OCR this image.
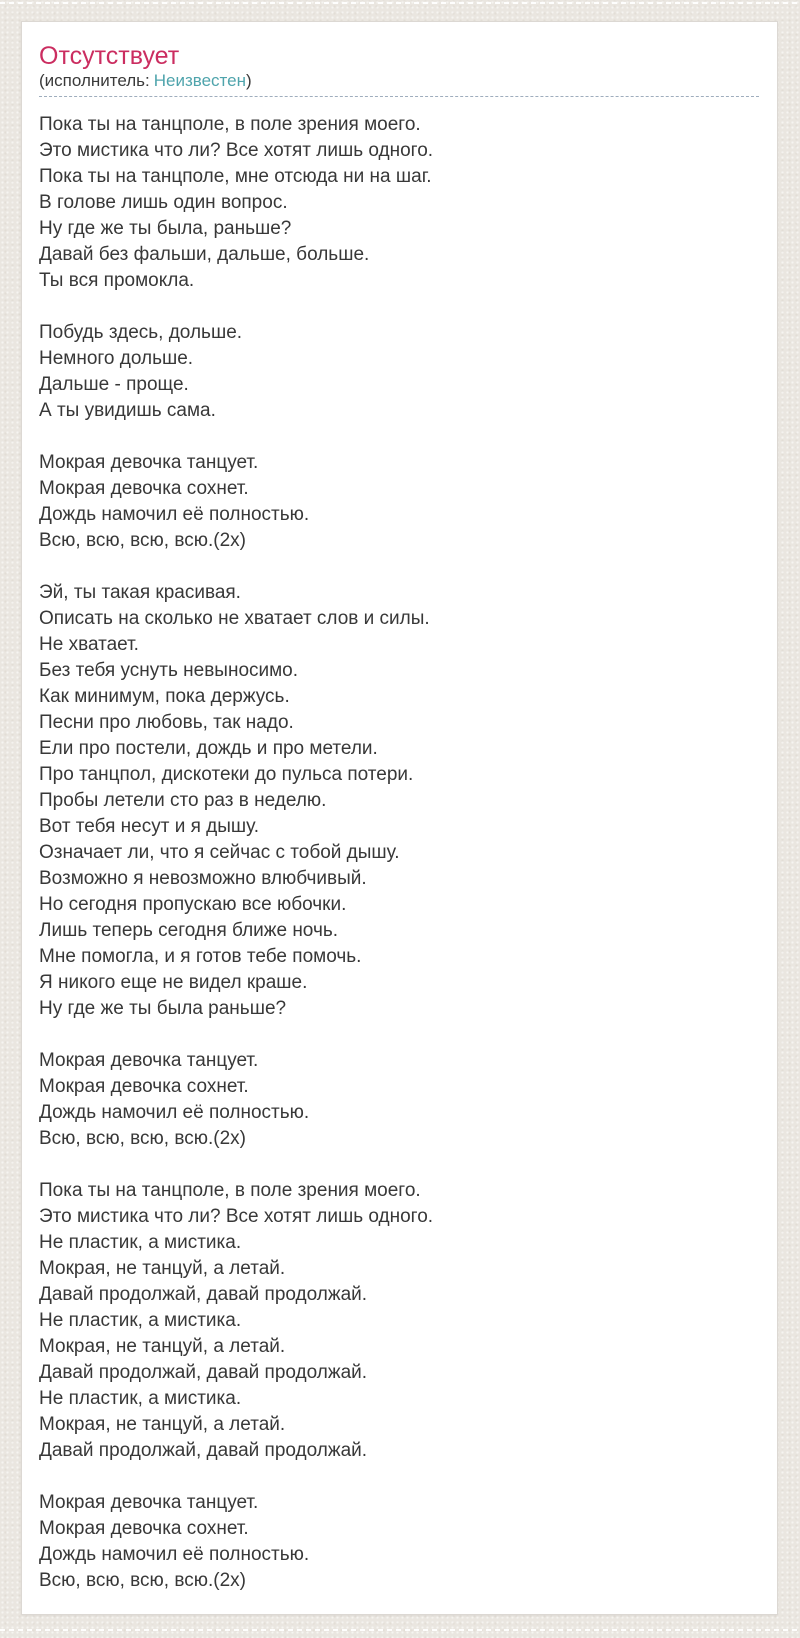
Отсутствует
(исполнитель: Неизвестен)
Пока ты на танцполе, в поле зрения моего.
Это мистика что ли? Все хотят лишь одного.
Пока ты на танцполе, мне отсюда ни на шаг.
В голове лишь один вопрос.
Ну где же ты была, раньше?
Давай без фальши, дальше, больше.
Ты вся промокла.
Побудь здесь, дольше.
Немного дольше.
Дальше - проще.
А ты увидишь сама.
Мокрая девочка танцует.
Мокрая девочка сохнет.
Дождь намочил её полностью.
Всю, всю, всю, всю.(2х)
Эй, ты такая красивая.
Описать на сколько не хватает слов и силы.
Не хватает.
Без тебя уснуть невыносимо.
Как минимум, пока держусь.
Песни про любовь, так надо.
Ели про постели, дождь и про метели.
Про танцпол, дискотеки до пульса потери.
Пробы летели сто раз в неделю.
Вот тебя несут и я дышу.
Означает ли, что я сейчас с тобой дышу.
Возможно я невозможно влюбчивый.
Но сегодня пропускаю все юбочки.
Лишь теперь сегодня ближе ночь.
Мне помогла, и я готов тебе помочь.
Я никого еще не видел краше.
Ну где же ты была раньше?
Мокрая девочка танцует.
Мокрая девочка сохнет.
Дождь намочил её полностью.
Всю, всю, всю, всю.(2х)
Пока ты на танцполе, в поле зрения моего.
Это мистика что ли? Все хотят лишь одного.
Не пластик, а мистика.
Мокрая, не танцуй, а летай.
Давай продолжай, давай продолжай.
Не пластик, а мистика.
Мокрая, не танцуй, а летай.
Давай продолжай, давай продолжай.
Не пластик, а мистика.
Мокрая, не танцуй, а летай.
Давай продолжай, давай продолжай.
Мокрая девочка танцует.
Мокрая девочка сохнет.
Дождь намочил её полностью.
Всю, всю, всю, всю.(2х)
